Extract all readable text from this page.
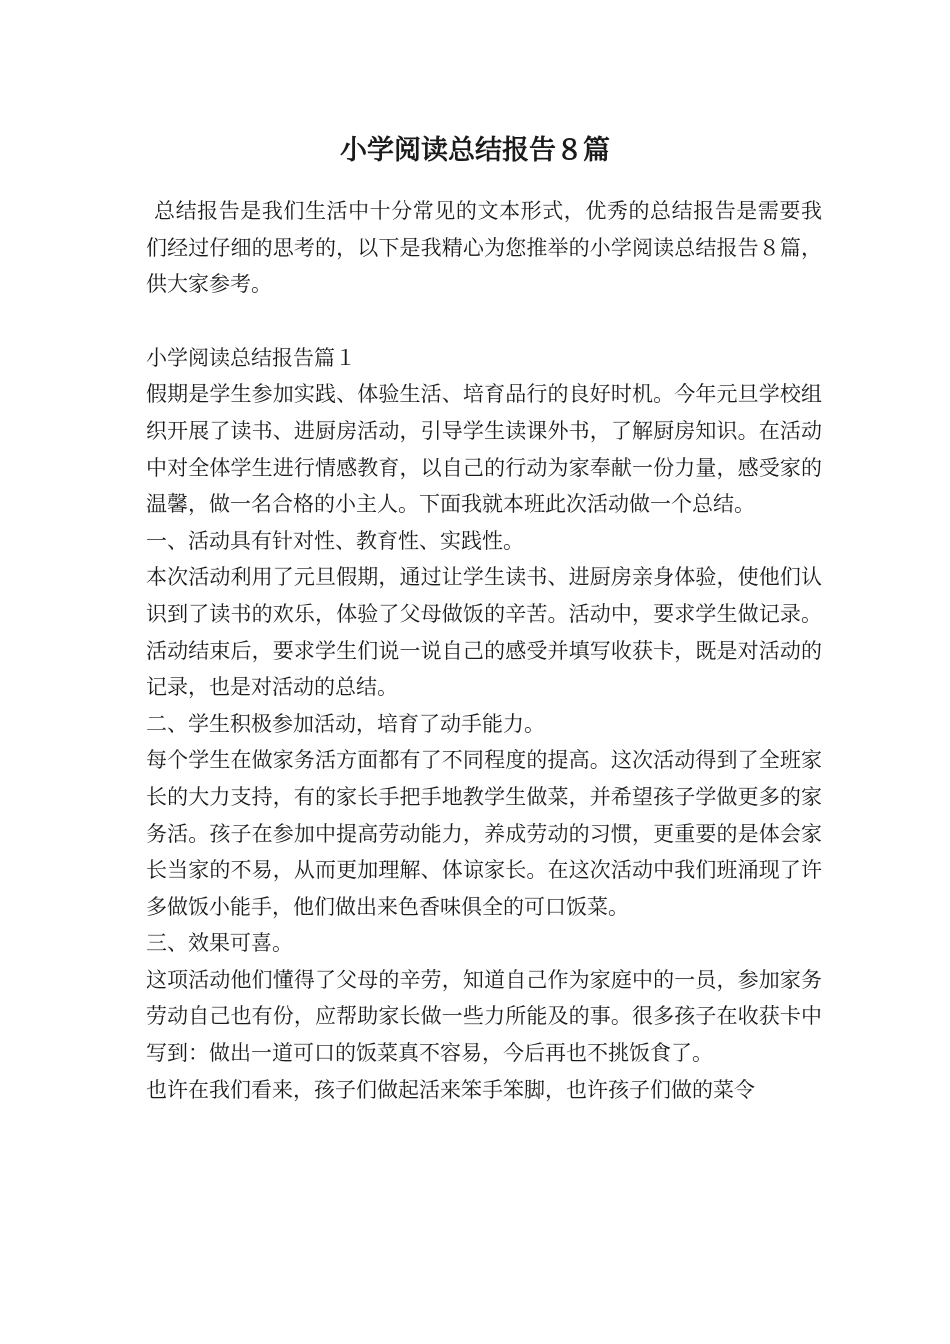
小学阅读总结报告８篇

总结报告是我们生活中十分常见的文本形式，优秀的总结报告是需要我们经过仔细的思考的，以下是我精心为您推举的小学阅读总结报告８篇，供大家参考。

小学阅读总结报告篇１

假期是学生参加实践、体验生活、培育品行的良好时机。今年元旦学校组织开展了读书、进厨房活动，引导学生读课外书，了解厨房知识。在活动中对全体学生进行情感教育，以自己的行动为家奉献一份力量，感受家的温馨，做一名合格的小主人。下面我就本班此次活动做一个总结。

一、活动具有针对性、教育性、实践性。

本次活动利用了元旦假期，通过让学生读书、进厨房亲身体验，使他们认识到了读书的欢乐，体验了父母做饭的辛苦。活动中，要求学生做记录。活动结束后，要求学生们说一说自己的感受并填写收获卡，既是对活动的记录，也是对活动的总结。

二、学生积极参加活动，培育了动手能力。

每个学生在做家务活方面都有了不同程度的提高。这次活动得到了全班家长的大力支持，有的家长手把手地教学生做菜，并希望孩子学做更多的家务活。孩子在参加中提高劳动能力，养成劳动的习惯，更重要的是体会家长当家的不易，从而更加理解、体谅家长。在这次活动中我们班涌现了许多做饭小能手，他们做出来色香味俱全的可口饭菜。

三、效果可喜。

这项活动他们懂得了父母的辛劳，知道自己作为家庭中的一员，参加家务劳动自己也有份，应帮助家长做一些力所能及的事。很多孩子在收获卡中写到：做出一道可口的饭菜真不容易，今后再也不挑饭食了。

也许在我们看来，孩子们做起活来笨手笨脚，也许孩子们做的菜令
